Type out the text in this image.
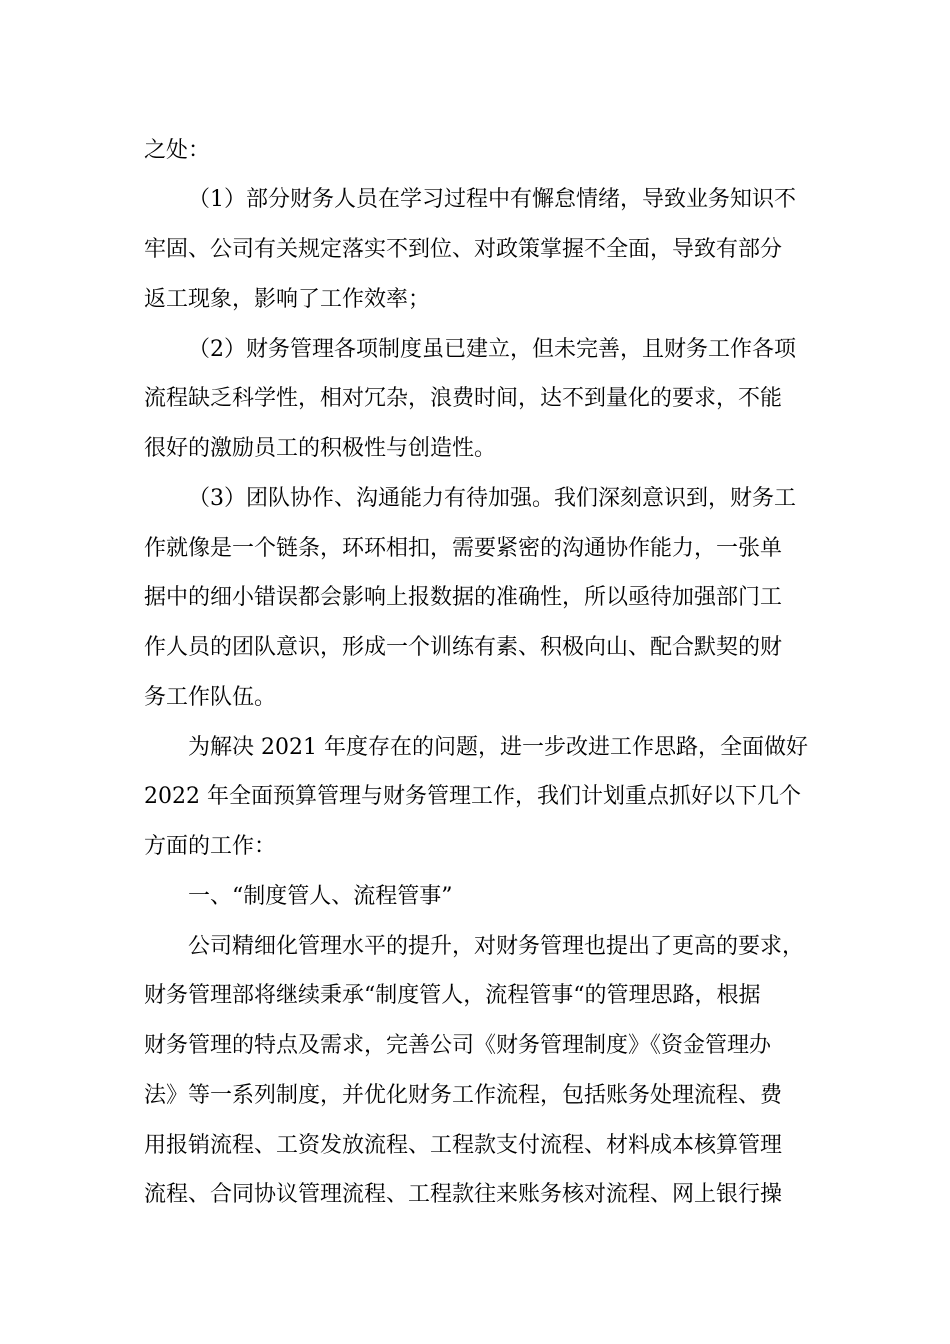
之处：
（1）部分财务人员在学习过程中有懈怠情绪，导致业务知识不
牢固、公司有关规定落实不到位、对政策掌握不全面，导致有部分
返工现象，影响了工作效率；
（2）财务管理各项制度虽已建立，但未完善，且财务工作各项
流程缺乏科学性，相对冗杂，浪费时间，达不到量化的要求，不能
很好的激励员工的积极性与创造性。
（3）团队协作、沟通能力有待加强。我们深刻意识到，财务工
作就像是一个链条，环环相扣，需要紧密的沟通协作能力，一张单
据中的细小错误都会影响上报数据的准确性，所以亟待加强部门工
作人员的团队意识，形成一个训练有素、积极向山、配合默契的财
务工作队伍。
为解决 2021 年度存在的问题，进一步改进工作思路，全面做好
2022 年全面预算管理与财务管理工作，我们计划重点抓好以下几个
方面的工作：
一、“制度管人、流程管事”
公司精细化管理水平的提升，对财务管理也提出了更高的要求，
财务管理部将继续秉承“制度管人，流程管事“的管理思路，根据
财务管理的特点及需求，完善公司《财务管理制度》《资金管理办
法》等一系列制度，并优化财务工作流程，包括账务处理流程、费
用报销流程、工资发放流程、工程款支付流程、材料成本核算管理
流程、合同协议管理流程、工程款往来账务核对流程、网上银行操
